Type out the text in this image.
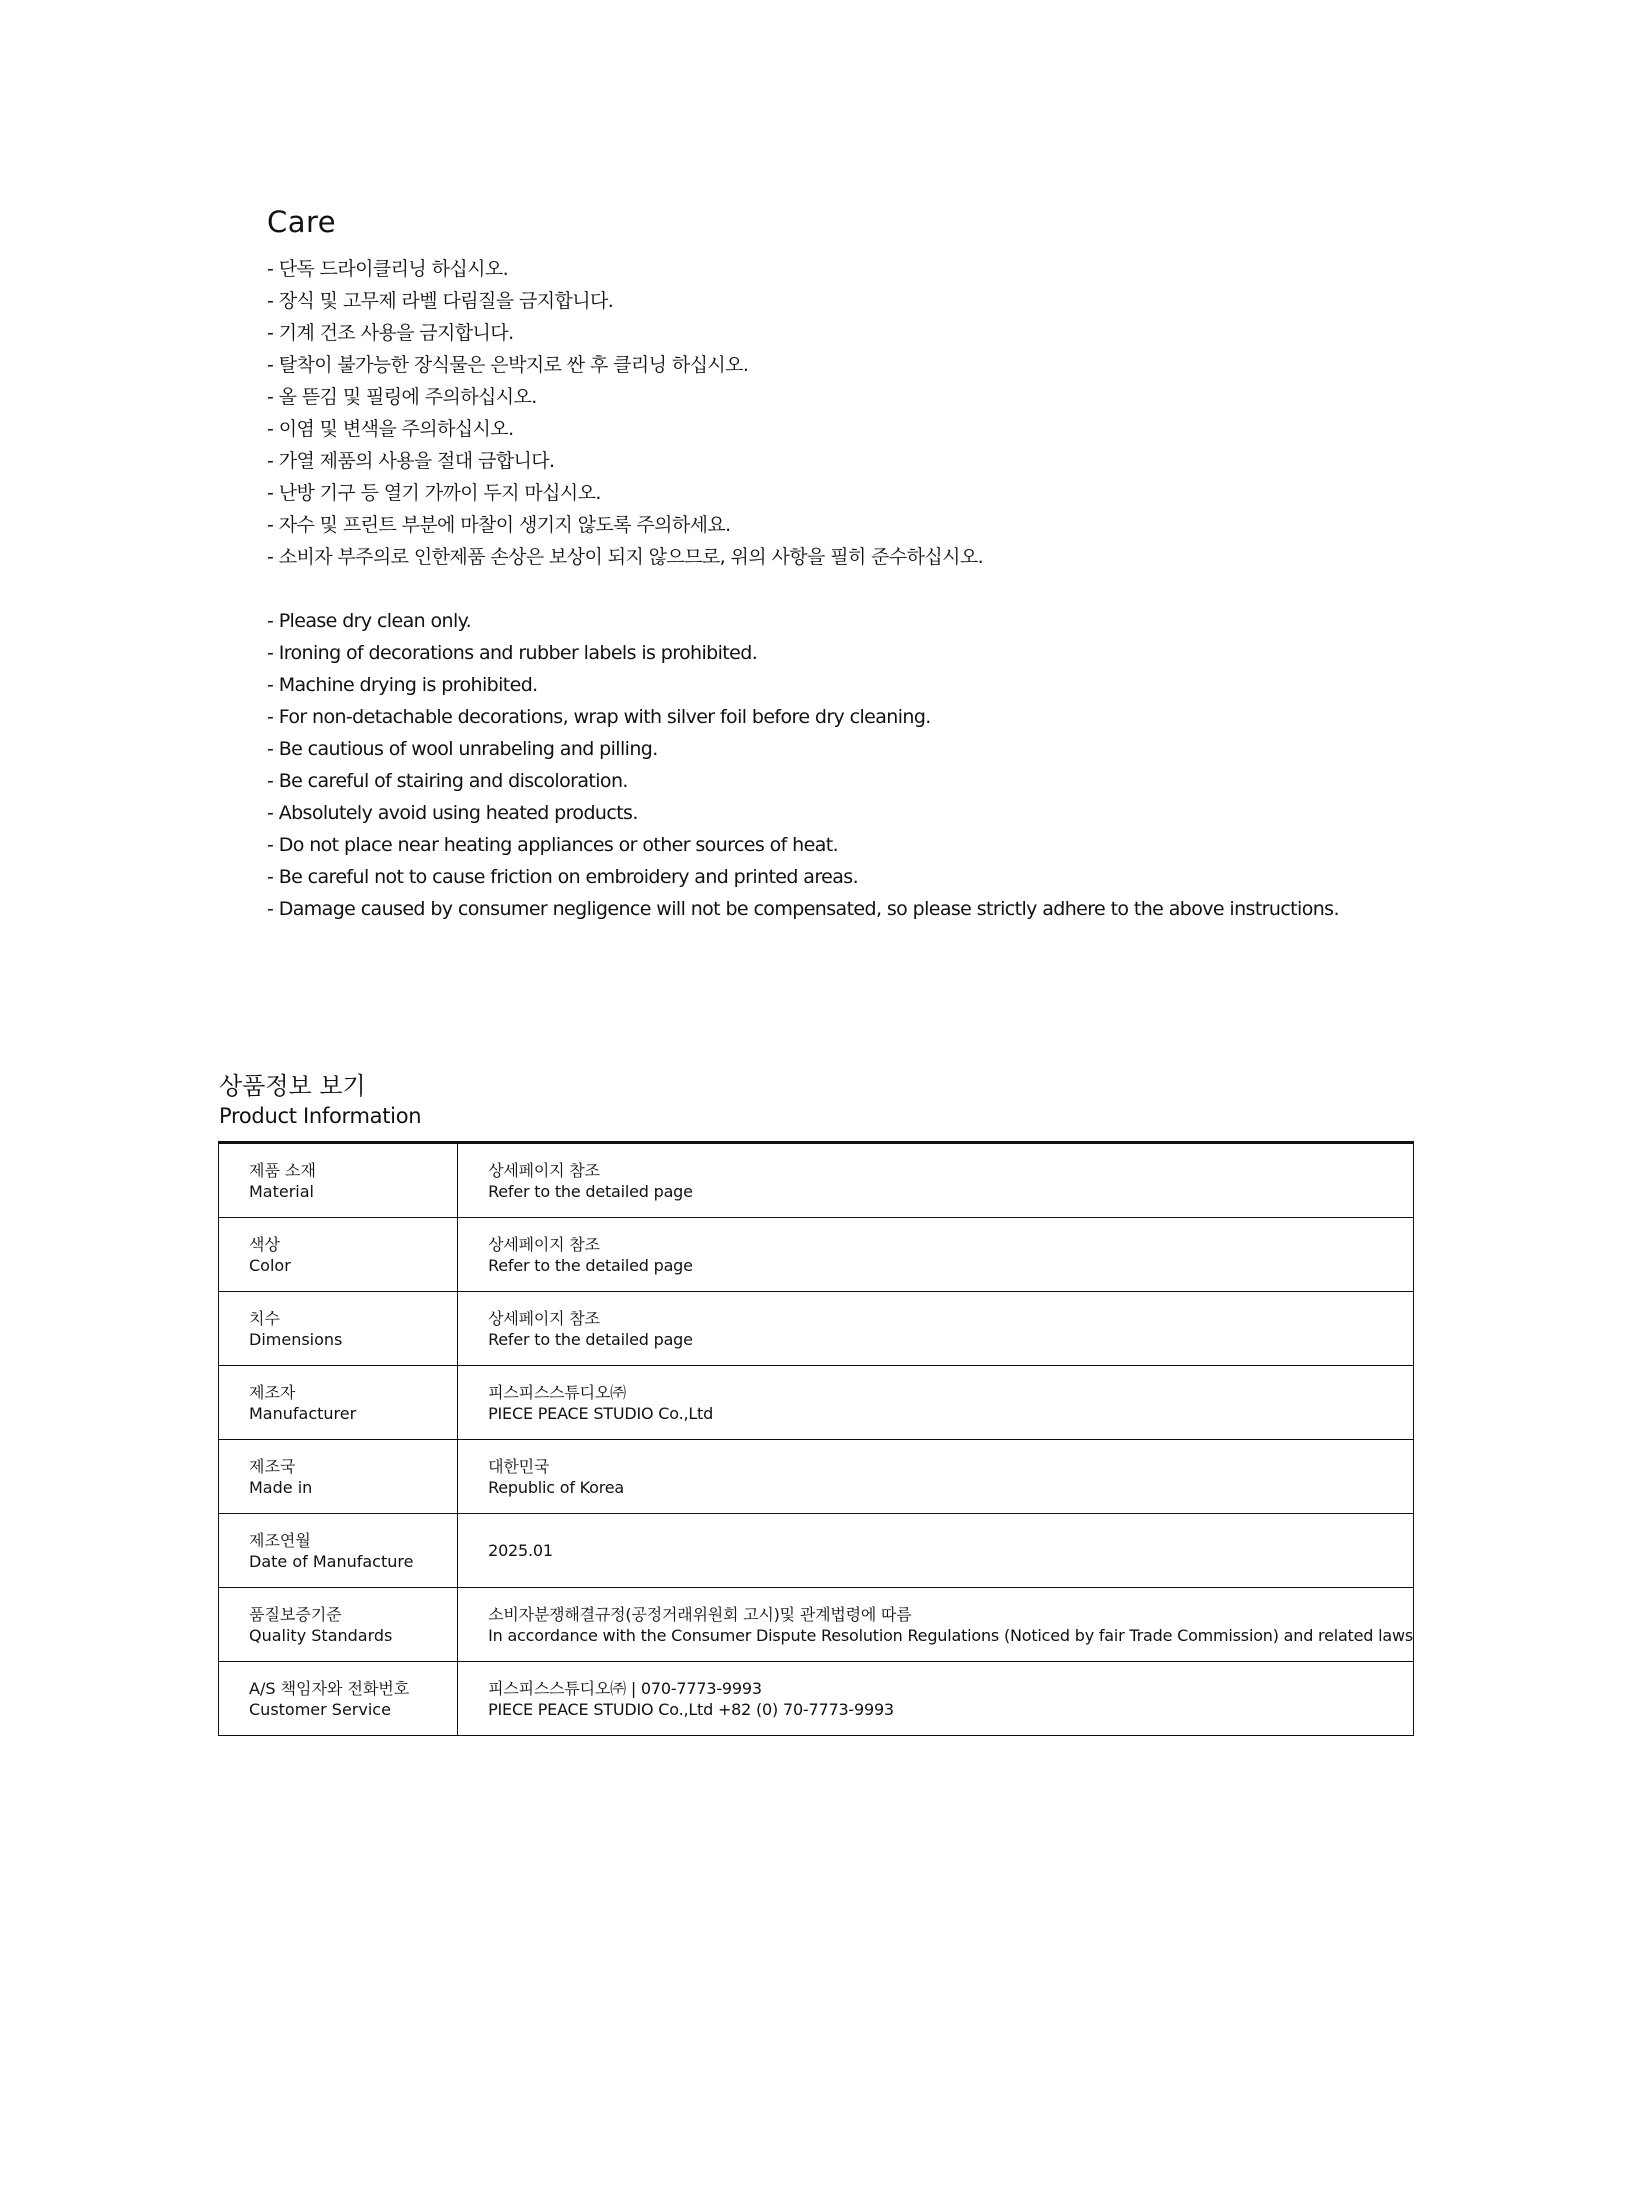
Care
- 단독 드라이클리닝 하십시오.
- 장식 및 고무제 라벨 다림질을 금지합니다.
- 기계 건조 사용을 금지합니다.
- 탈착이 불가능한 장식물은 은박지로 싼 후 클리닝 하십시오.
- 올 뜯김 및 필링에 주의하십시오.
- 이염 및 변색을 주의하십시오.
- 가열 제품의 사용을 절대 금합니다.
- 난방 기구 등 열기 가까이 두지 마십시오.
- 자수 및 프린트 부분에 마찰이 생기지 않도록 주의하세요.
- 소비자 부주의로 인한제품 손상은 보상이 되지 않으므로, 위의 사항을 필히 준수하십시오.
- Please dry clean only.
- Ironing of decorations and rubber labels is prohibited.
- Machine drying is prohibited.
- For non-detachable decorations, wrap with silver foil before dry cleaning.
- Be cautious of wool unrabeling and pilling.
- Be careful of stairing and discoloration.
- Absolutely avoid using heated products.
- Do not place near heating appliances or other sources of heat.
- Be careful not to cause friction on embroidery and printed areas.
- Damage caused by consumer negligence will not be compensated, so please strictly adhere to the above instructions.
상품정보 보기
Product Information
제품 소재
Material	상세페이지 참조
Refer to the detailed page

색상
Color	상세페이지 참조
Refer to the detailed page

치수
Dimensions	상세페이지 참조
Refer to the detailed page

제조자
Manufacturer	피스피스스튜디오㈜
PIECE PEACE STUDIO Co.,Ltd

제조국
Made in	대한민국
Republic of Korea

제조연월
Date of Manufacture	2025.01

품질보증기준
Quality Standards	소비자분쟁해결규정(공정거래위원회 고시)및 관계법령에 따름
In accordance with the Consumer Dispute Resolution Regulations (Noticed by fair Trade Commission) and related laws

A/S 책임자와 전화번호
Customer Service	피스피스스튜디오㈜ | 070-7773-9993
PIECE PEACE STUDIO Co.,Ltd +82 (0) 70-7773-9993
